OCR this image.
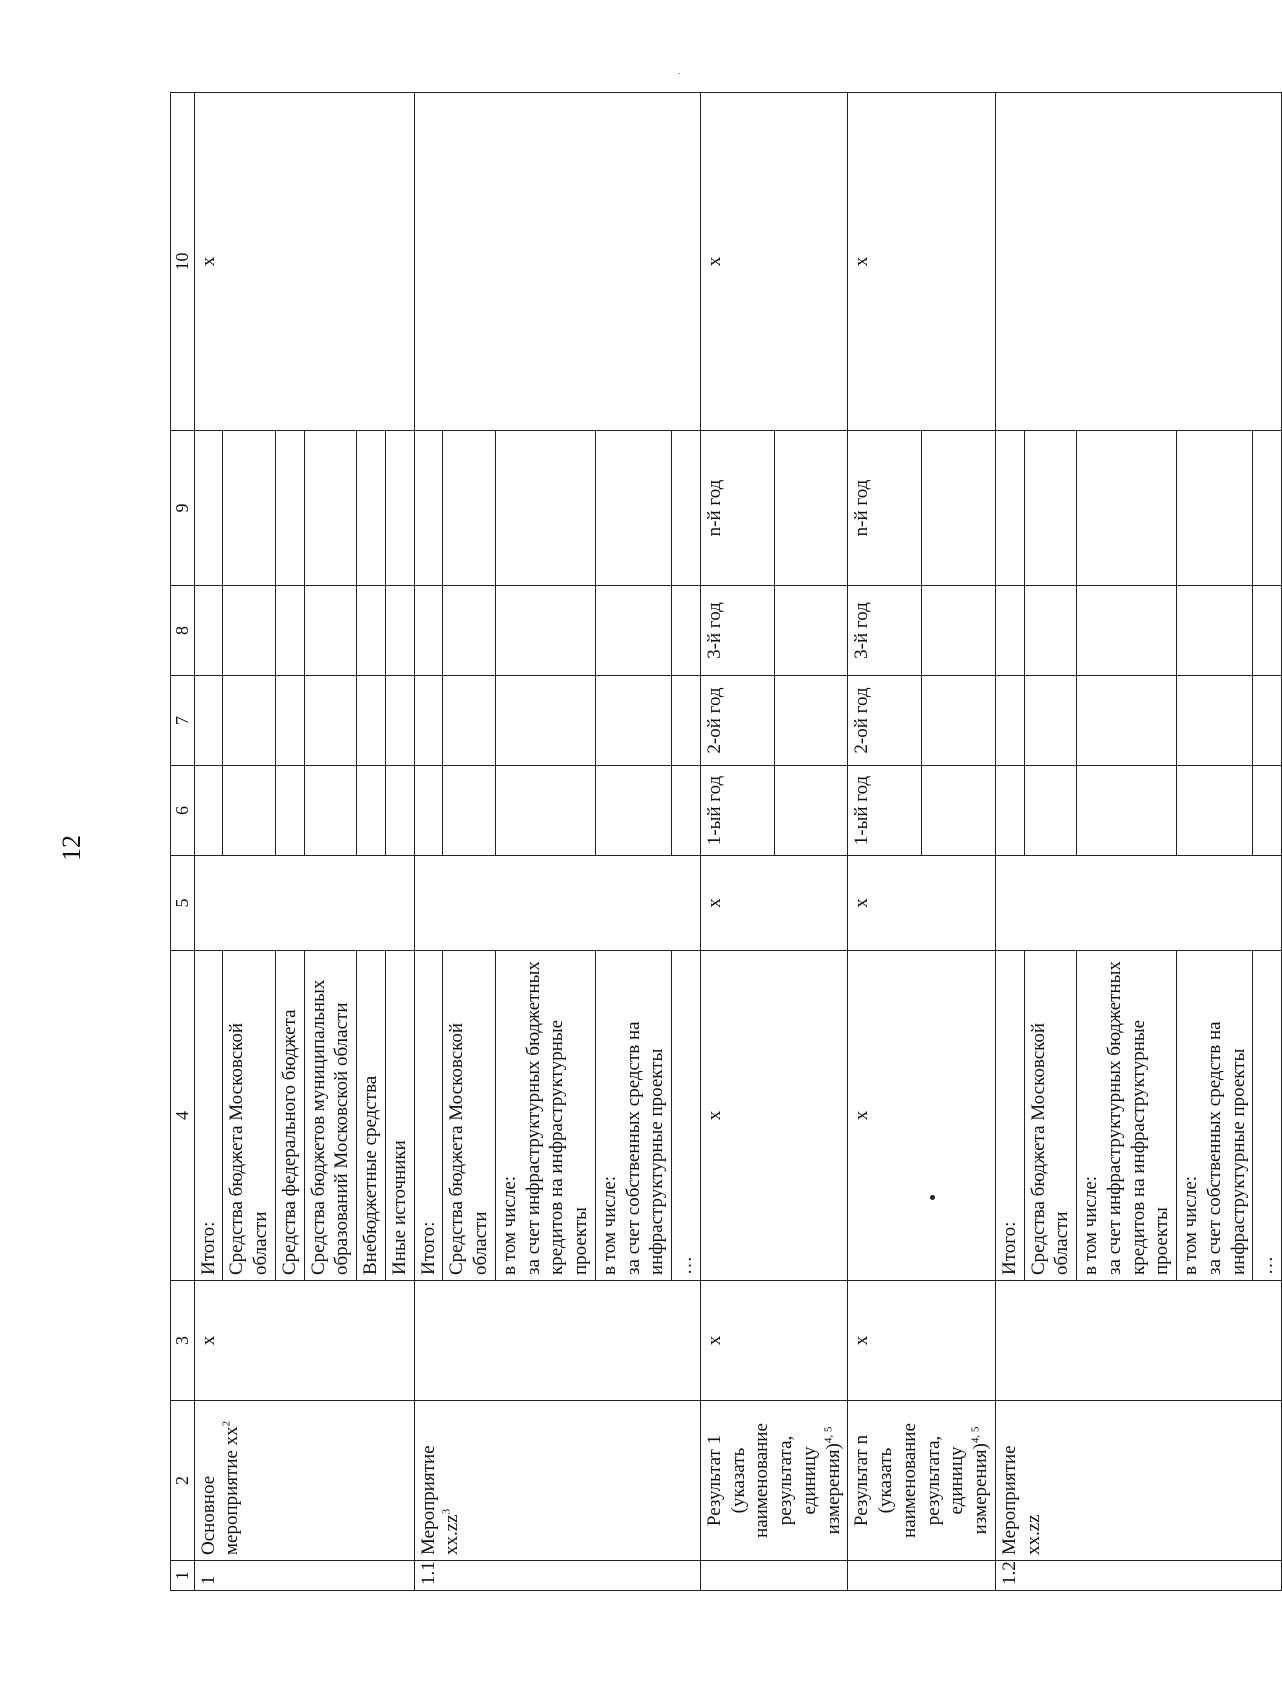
12
1	2	3	4	5	6	7	8	9	10
1	Основное мероприятие $хх^2$	х	Итого:						х
			Средства бюджета Московской области						
			Средства федерального бюджета						
			Средства бюджетов муниципальных образований Московской области						
			Внебюджетные средства						
			Иные источники						
1.1	Мероприятие $хх.zz^3$		Итого:						
			Средства бюджета Московской области						
			в том числе:
за счет инфраструктурных бюджетных кредитов на инфраструктурные проекты						
			в том числе:
за счет собственных средств на инфраструктурные проекты						
			…						
	Результат 1 (указать наименование результата, единицу измерения)$^{4, 5}$	х	х	х	1-ый год	2-ой год	3-й год	n-й год	х

	Результат n (указать наименование результата, единицу измерения)$^{4, 5}$	х	х	х	1-ый год	2-ой год	3-й год	n-й год	х

1.2	Мероприятие хх.zz		Итого:						
			Средства бюджета Московской области						
			в том числе:
за счет инфраструктурных бюджетных кредитов на инфраструктурные проекты						
			в том числе:
за счет собственных средств на инфраструктурные проекты						
			…						
